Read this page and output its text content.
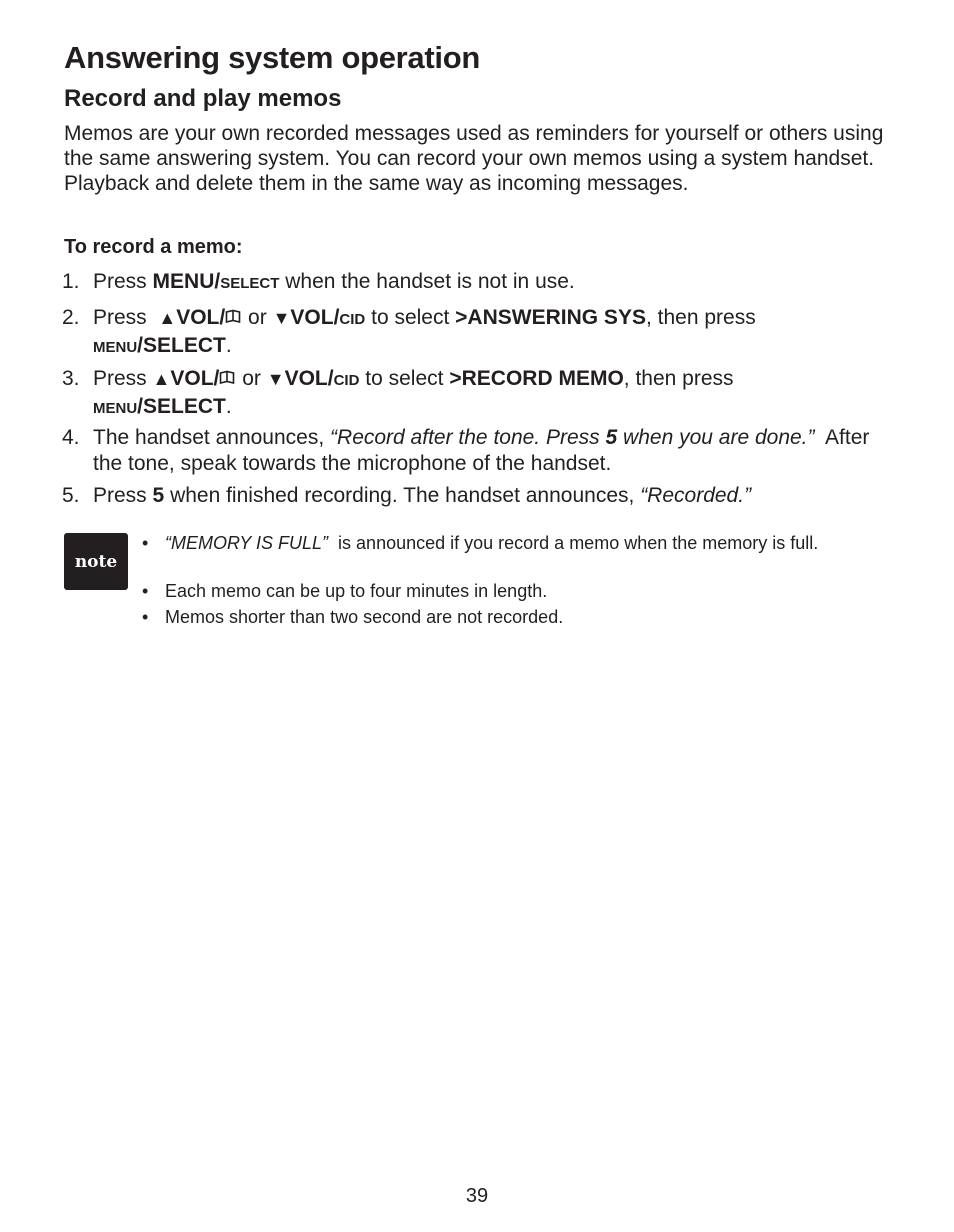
Answering system operation
Record and play memos

Memos are your own recorded messages used as reminders for yourself or others using the same answering system. You can record your own memos using a system handset. Playback and delete them in the same way as incoming messages.

To record a memo:
1. Press MENU/SELECT when the handset is not in use.
2. Press ▲VOL/ or ▼VOL/CID to select >ANSWERING SYS, then press
MENU/SELECT.
3. Press ▲VOL/ or ▼VOL/CID to select >RECORD MEMO, then press
MENU/SELECT.
4. The handset announces, “Record after the tone. Press 5 when you are done.” After the tone, speak towards the microphone of the handset.
5. Press 5 when finished recording. The handset announces, “Recorded.”
note
• “MEMORY IS FULL” is announced if you record a memo when the memory is full.
• Each memo can be up to four minutes in length.
• Memos shorter than two second are not recorded.
39
